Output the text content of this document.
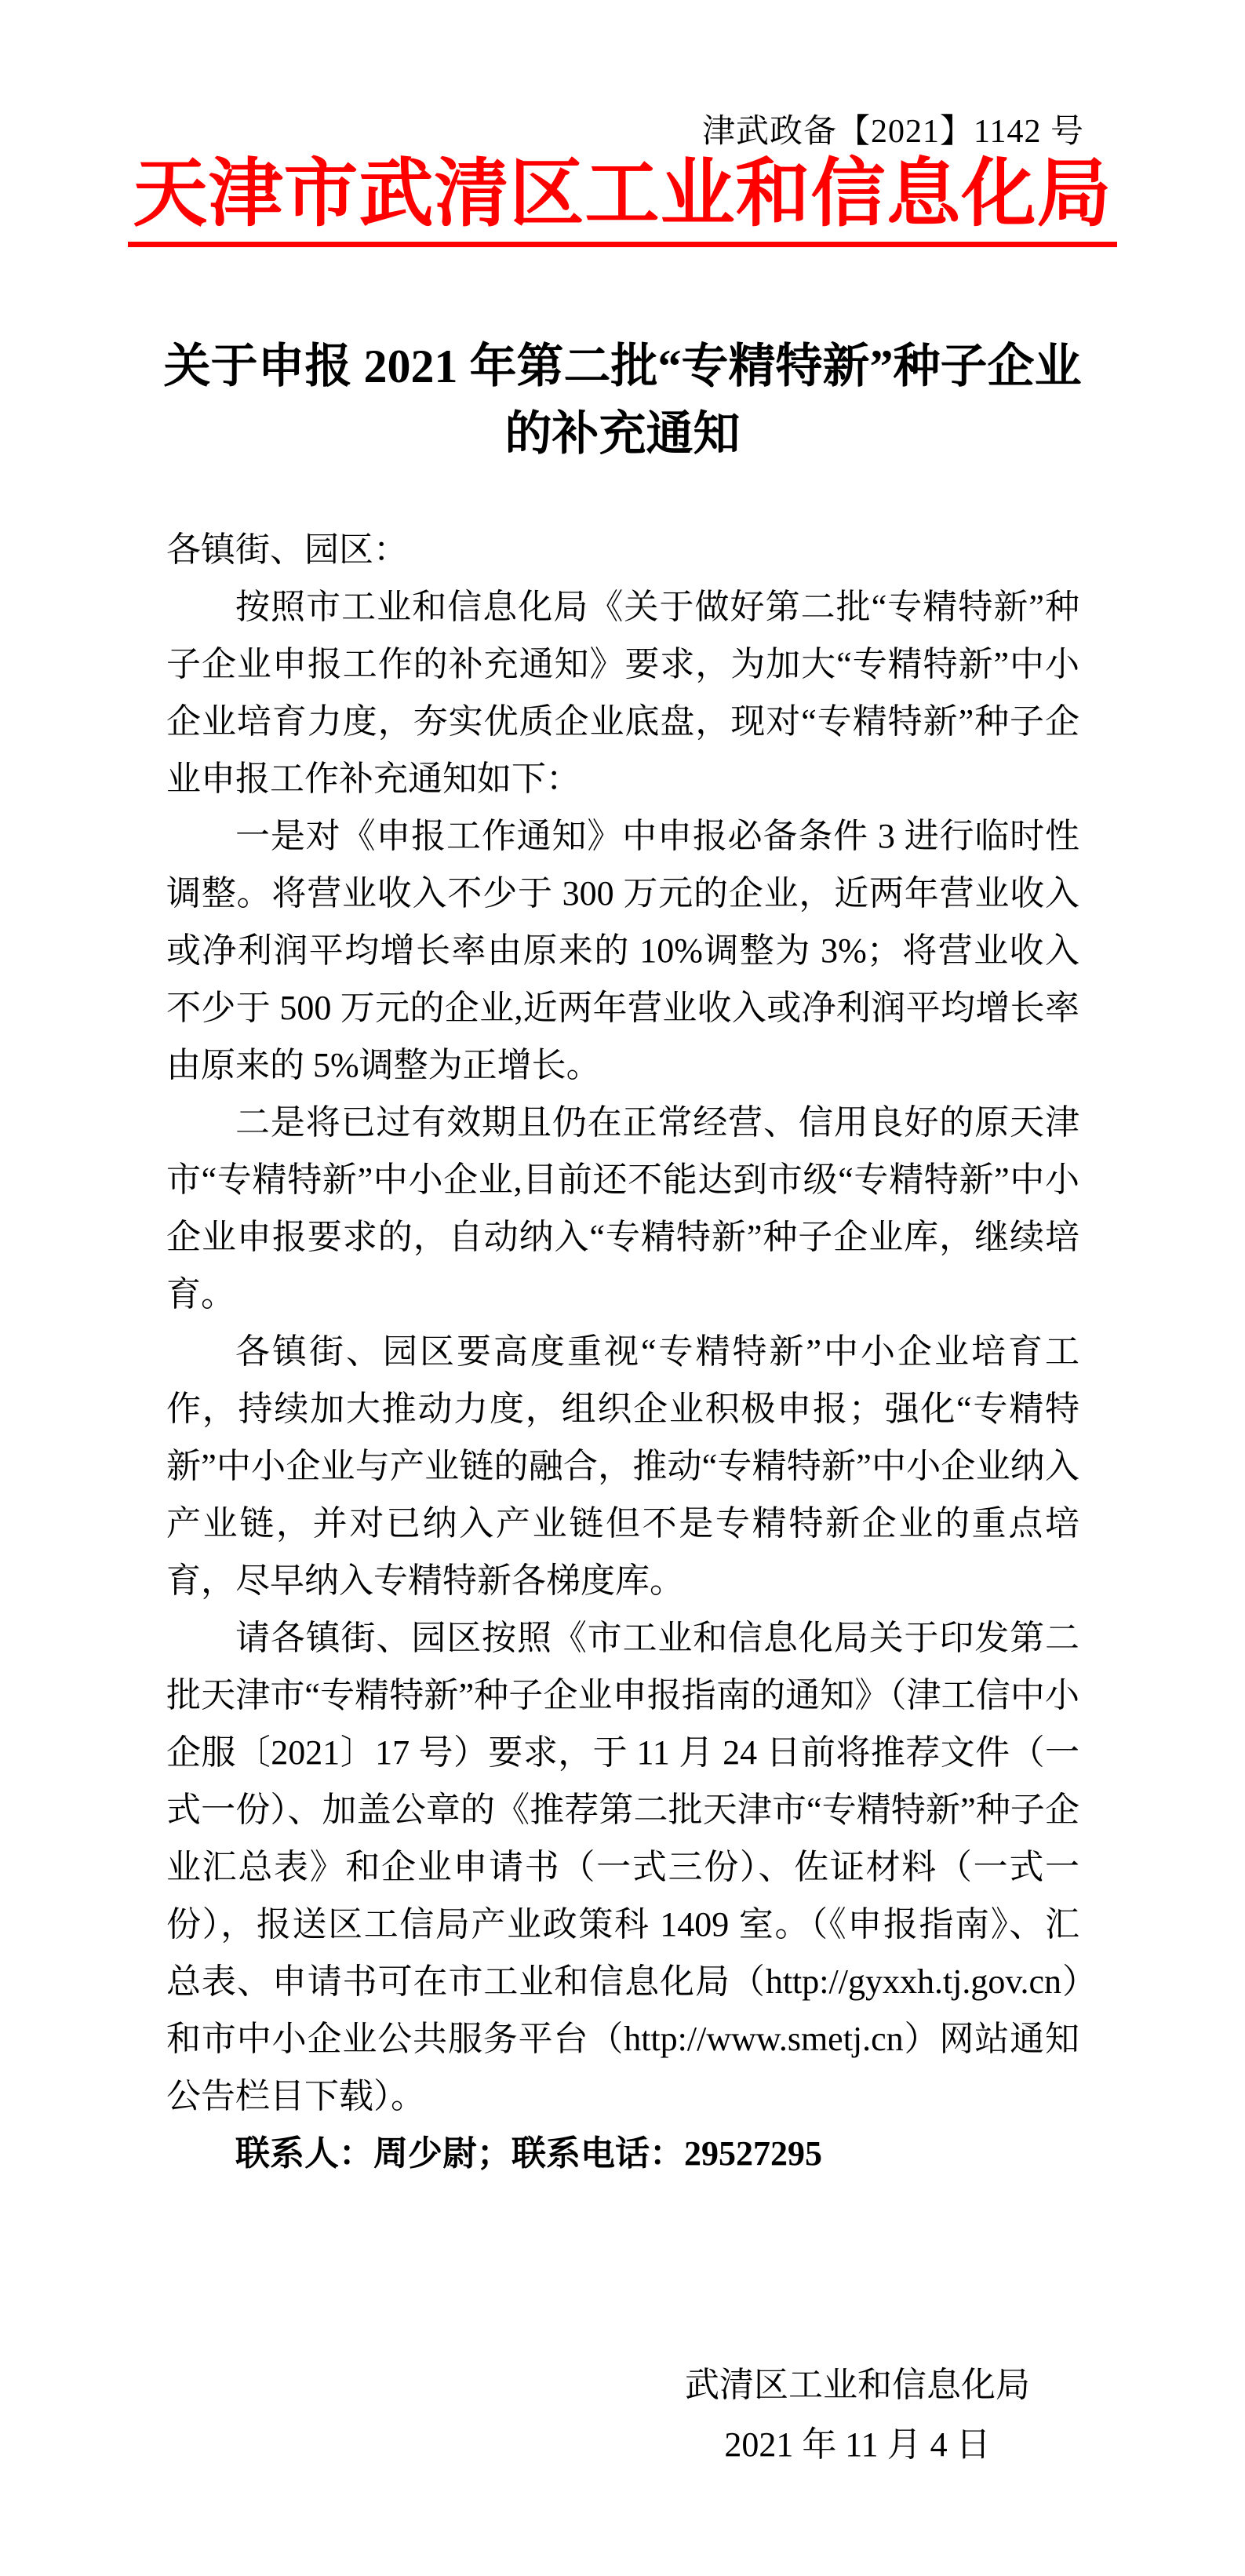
津武政备【2021】1142 号
天津市武清区工业和信息化局
关于申报 2021 年第二批“专精特新”种子企业
的补充通知

各镇街、园区：

按照市工业和信息化局《关于做好第二批“专精特新”种子企业申报工作的补充通知》要求，为加大“专精特新”中小企业培育力度，夯实优质企业底盘，现对“专精特新”种子企业申报工作补充通知如下：

一是对《申报工作通知》中申报必备条件 3 进行临时性调整。将营业收入不少于 300 万元的企业，近两年营业收入或净利润平均增长率由原来的 10%调整为 3%；将营业收入不少于 500 万元的企业,近两年营业收入或净利润平均增长率由原来的 5%调整为正增长。

二是将已过有效期且仍在正常经营、信用良好的原天津市“专精特新”中小企业,目前还不能达到市级“专精特新”中小企业申报要求的，自动纳入“专精特新”种子企业库，继续培育。

各镇街、园区要高度重视“专精特新”中小企业培育工作，持续加大推动力度，组织企业积极申报；强化“专精特新”中小企业与产业链的融合，推动“专精特新”中小企业纳入产业链，并对已纳入产业链但不是专精特新企业的重点培育，尽早纳入专精特新各梯度库。

请各镇街、园区按照《市工业和信息化局关于印发第二批天津市“专精特新”种子企业申报指南的通知》（津工信中小企服〔2021〕17 号）要求，于 11 月 24 日前将推荐文件（一式一份）、加盖公章的《推荐第二批天津市“专精特新”种子企业汇总表》和企业申请书（一式三份）、佐证材料（一式一份），报送区工信局产业政策科 1409 室。（《申报指南》、汇总表、申请书可在市工业和信息化局（http://gyxxh.tj.gov.cn）和市中小企业公共服务平台（http://www.smetj.cn）网站通知公告栏目下载）。

联系人：周少尉；联系电话：29527295

武清区工业和信息化局
2021 年 11 月 4 日
